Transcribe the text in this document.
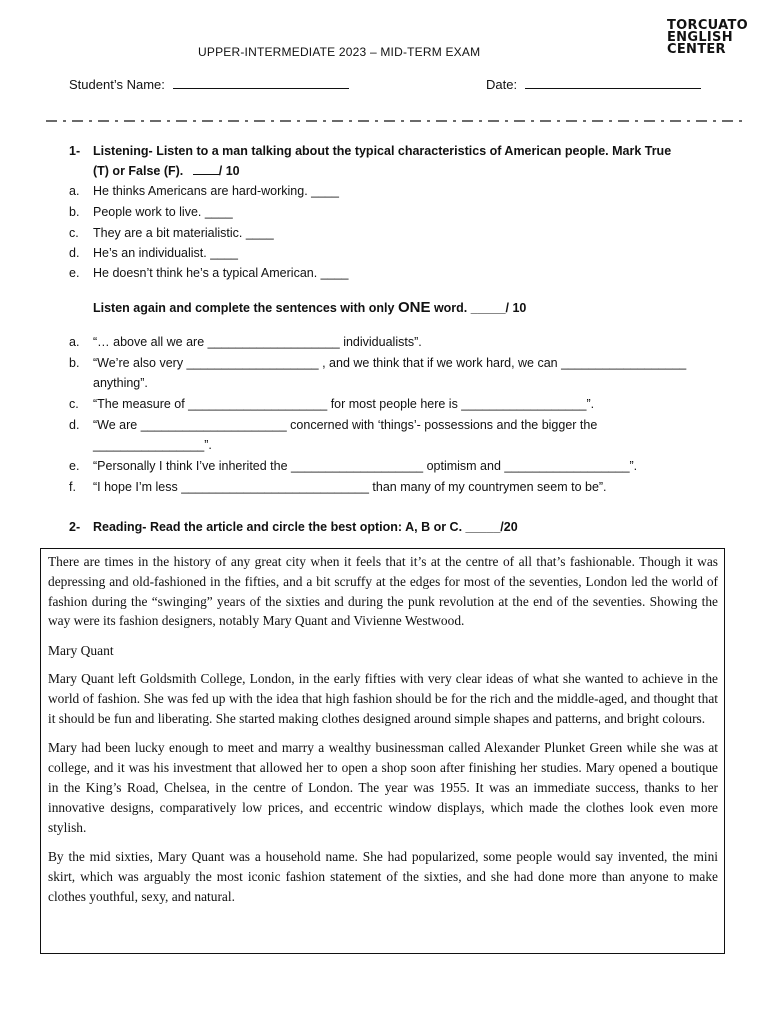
TORCUATO
ENGLISH
CENTER
UPPER-INTERMEDIATE 2023 – MID-TERM EXAM
Student’s Name:	Date:
1-	Listening- Listen to a man talking about the typical characteristics of American people. Mark True
(T) or False (F).	/ 10
a.	He thinks Americans are hard-working. ____
b.	People work to live. ____
c.	They are a bit materialistic. ____
d.	He’s an individualist. ____
e.	He doesn’t think he’s a typical American. ____
Listen again and complete the sentences with only ONE word. _____/ 10
a.	“… above all we are ___________________ individualists”.
b.	“We’re also very ___________________ , and we think that if we work hard, we can __________________
anything”.
c.	“The measure of ____________________ for most people here is __________________”.
d.	“We are _____________________ concerned with ‘things’- possessions and the bigger the
________________”.
e.	“Personally I think I’ve inherited the ___________________ optimism and __________________”.
f.	“I hope I’m less ___________________________ than many of my countrymen seem to be”.
2-	Reading- Read the article and circle the best option: A, B or C. _____/20

There are times in the history of any great city when it feels that it’s at the centre of all that’s fashionable. Though it was depressing and old-fashioned in the fifties, and a bit scruffy at the edges for most of the seventies, London led the world of fashion during the “swinging” years of the sixties and during the punk revolution at the end of the seventies. Showing the way were its fashion designers, notably Mary Quant and Vivienne Westwood.

Mary Quant

Mary Quant left Goldsmith College, London, in the early fifties with very clear ideas of what she wanted to achieve in the world of fashion. She was fed up with the idea that high fashion should be for the rich and the middle-aged, and thought that it should be fun and liberating. She started making clothes designed around simple shapes and patterns, and bright colours.

Mary had been lucky enough to meet and marry a wealthy businessman called Alexander Plunket Green while she was at college, and it was his investment that allowed her to open a shop soon after finishing her studies. Mary opened a boutique in the King’s Road, Chelsea, in the centre of London. The year was 1955. It was an immediate success, thanks to her innovative designs, comparatively low prices, and eccentric window displays, which made the clothes look even more stylish.

By the mid sixties, Mary Quant was a household name. She had popularized, some people would say invented, the mini skirt, which was arguably the most iconic fashion statement of the sixties, and she had done more than anyone to make clothes youthful, sexy, and natural.
